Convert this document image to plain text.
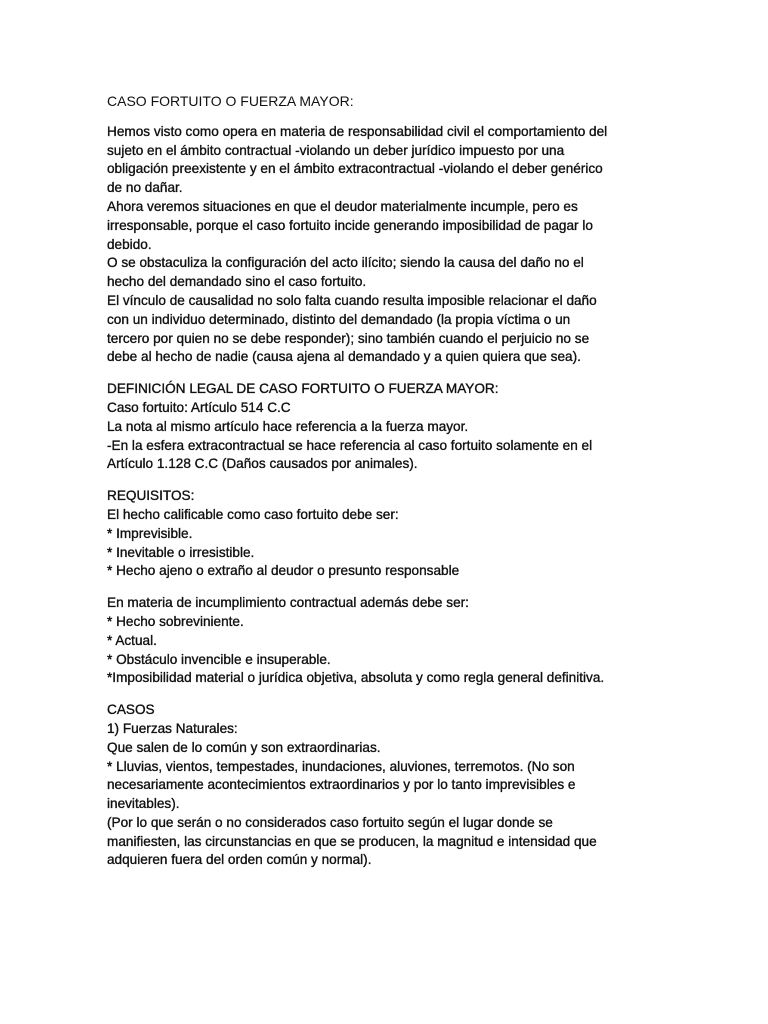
CASO FORTUITO O FUERZA MAYOR:
Hemos visto como opera en materia de responsabilidad civil el comportamiento del
sujeto en el ámbito contractual -violando un deber jurídico impuesto por una
obligación preexistente y en el ámbito extracontractual -violando el deber genérico
de no dañar.
Ahora veremos situaciones en que el deudor materialmente incumple, pero es
irresponsable, porque el caso fortuito incide generando imposibilidad de pagar lo
debido.
O se obstaculiza la configuración del acto ilícito; siendo la causa del daño no el
hecho del demandado sino el caso fortuito.
El vínculo de causalidad no solo falta cuando resulta imposible relacionar el daño
con un individuo determinado, distinto del demandado (la propia víctima o un
tercero por quien no se debe responder); sino también cuando el perjuicio no se
debe al hecho de nadie (causa ajena al demandado y a quien quiera que sea).
DEFINICIÓN LEGAL DE CASO FORTUITO O FUERZA MAYOR:
Caso fortuito: Artículo 514 C.C
La nota al mismo artículo hace referencia a la fuerza mayor.
-En la esfera extracontractual se hace referencia al caso fortuito solamente en el
Artículo 1.128 C.C (Daños causados por animales).
REQUISITOS:
El hecho calificable como caso fortuito debe ser:
* Imprevisible.
* Inevitable o irresistible.
* Hecho ajeno o extraño al deudor o presunto responsable
En materia de incumplimiento contractual además debe ser:
* Hecho sobreviniente.
* Actual.
* Obstáculo invencible e insuperable.
*Imposibilidad material o jurídica objetiva, absoluta y como regla general definitiva.
CASOS
1) Fuerzas Naturales:
Que salen de lo común y son extraordinarias.
* Lluvias, vientos, tempestades, inundaciones, aluviones, terremotos. (No son
necesariamente acontecimientos extraordinarios y por lo tanto imprevisibles e
inevitables).
(Por lo que serán o no considerados caso fortuito según el lugar donde se
manifiesten, las circunstancias en que se producen, la magnitud e intensidad que
adquieren fuera del orden común y normal).
